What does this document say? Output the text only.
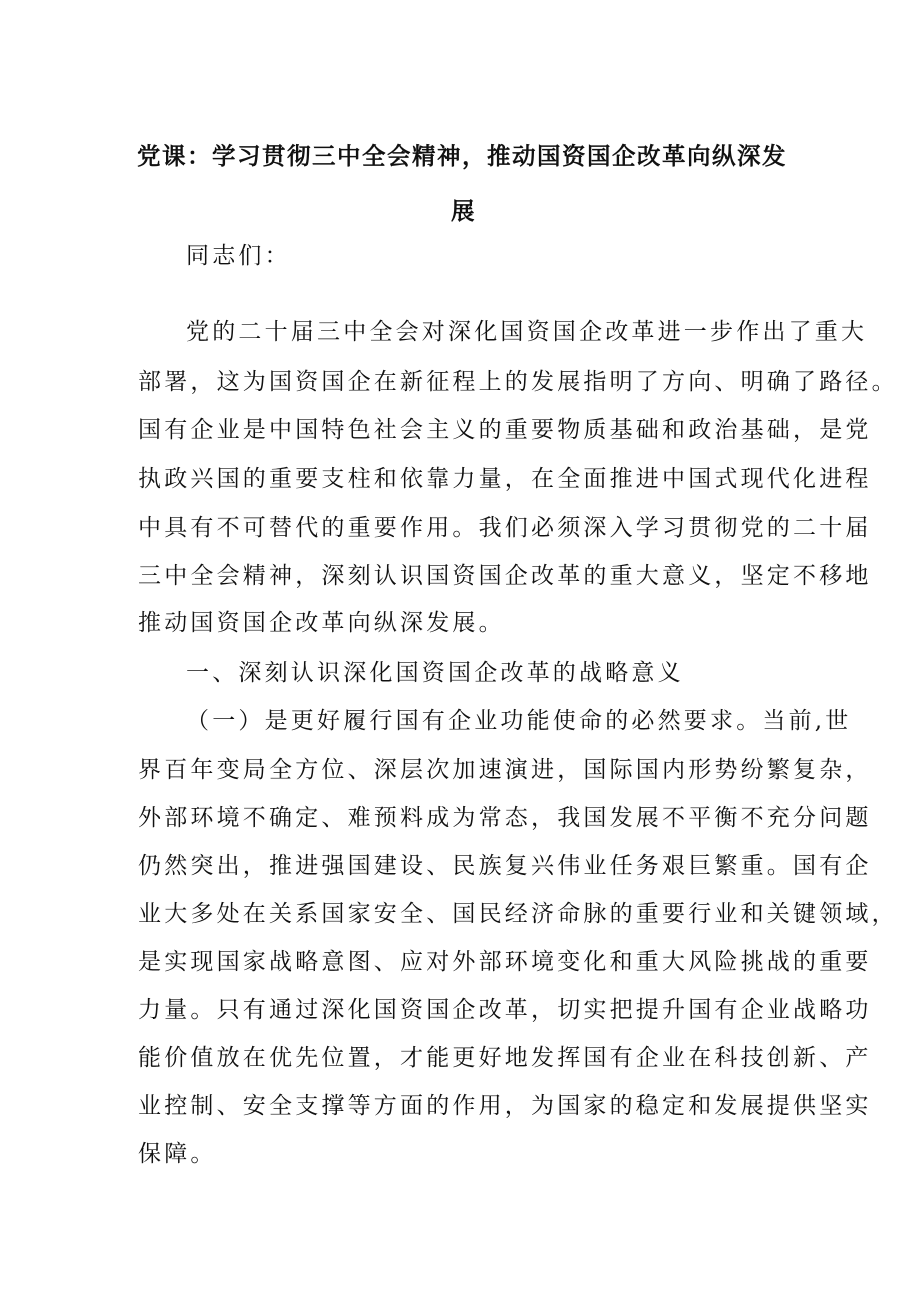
党课：学习贯彻三中全会精神，推动国资国企改革向纵深发
展

同志们：

党的二十届三中全会对深化国资国企改革进一步作出了重大

部署，这为国资国企在新征程上的发展指明了方向、明确了路径。

国有企业是中国特色社会主义的重要物质基础和政治基础，是党

执政兴国的重要支柱和依靠力量，在全面推进中国式现代化进程

中具有不可替代的重要作用。我们必须深入学习贯彻党的二十届

三中全会精神，深刻认识国资国企改革的重大意义，坚定不移地

推动国资国企改革向纵深发展。

一、深刻认识深化国资国企改革的战略意义

（一）是更好履行国有企业功能使命的必然要求。当前,世

界百年变局全方位、深层次加速演进，国际国内形势纷繁复杂，

外部环境不确定、难预料成为常态，我国发展不平衡不充分问题

仍然突出，推进强国建设、民族复兴伟业任务艰巨繁重。国有企

业大多处在关系国家安全、国民经济命脉的重要行业和关键领域，

是实现国家战略意图、应对外部环境变化和重大风险挑战的重要

力量。只有通过深化国资国企改革，切实把提升国有企业战略功

能价值放在优先位置，才能更好地发挥国有企业在科技创新、产

业控制、安全支撑等方面的作用，为国家的稳定和发展提供坚实

保障。
